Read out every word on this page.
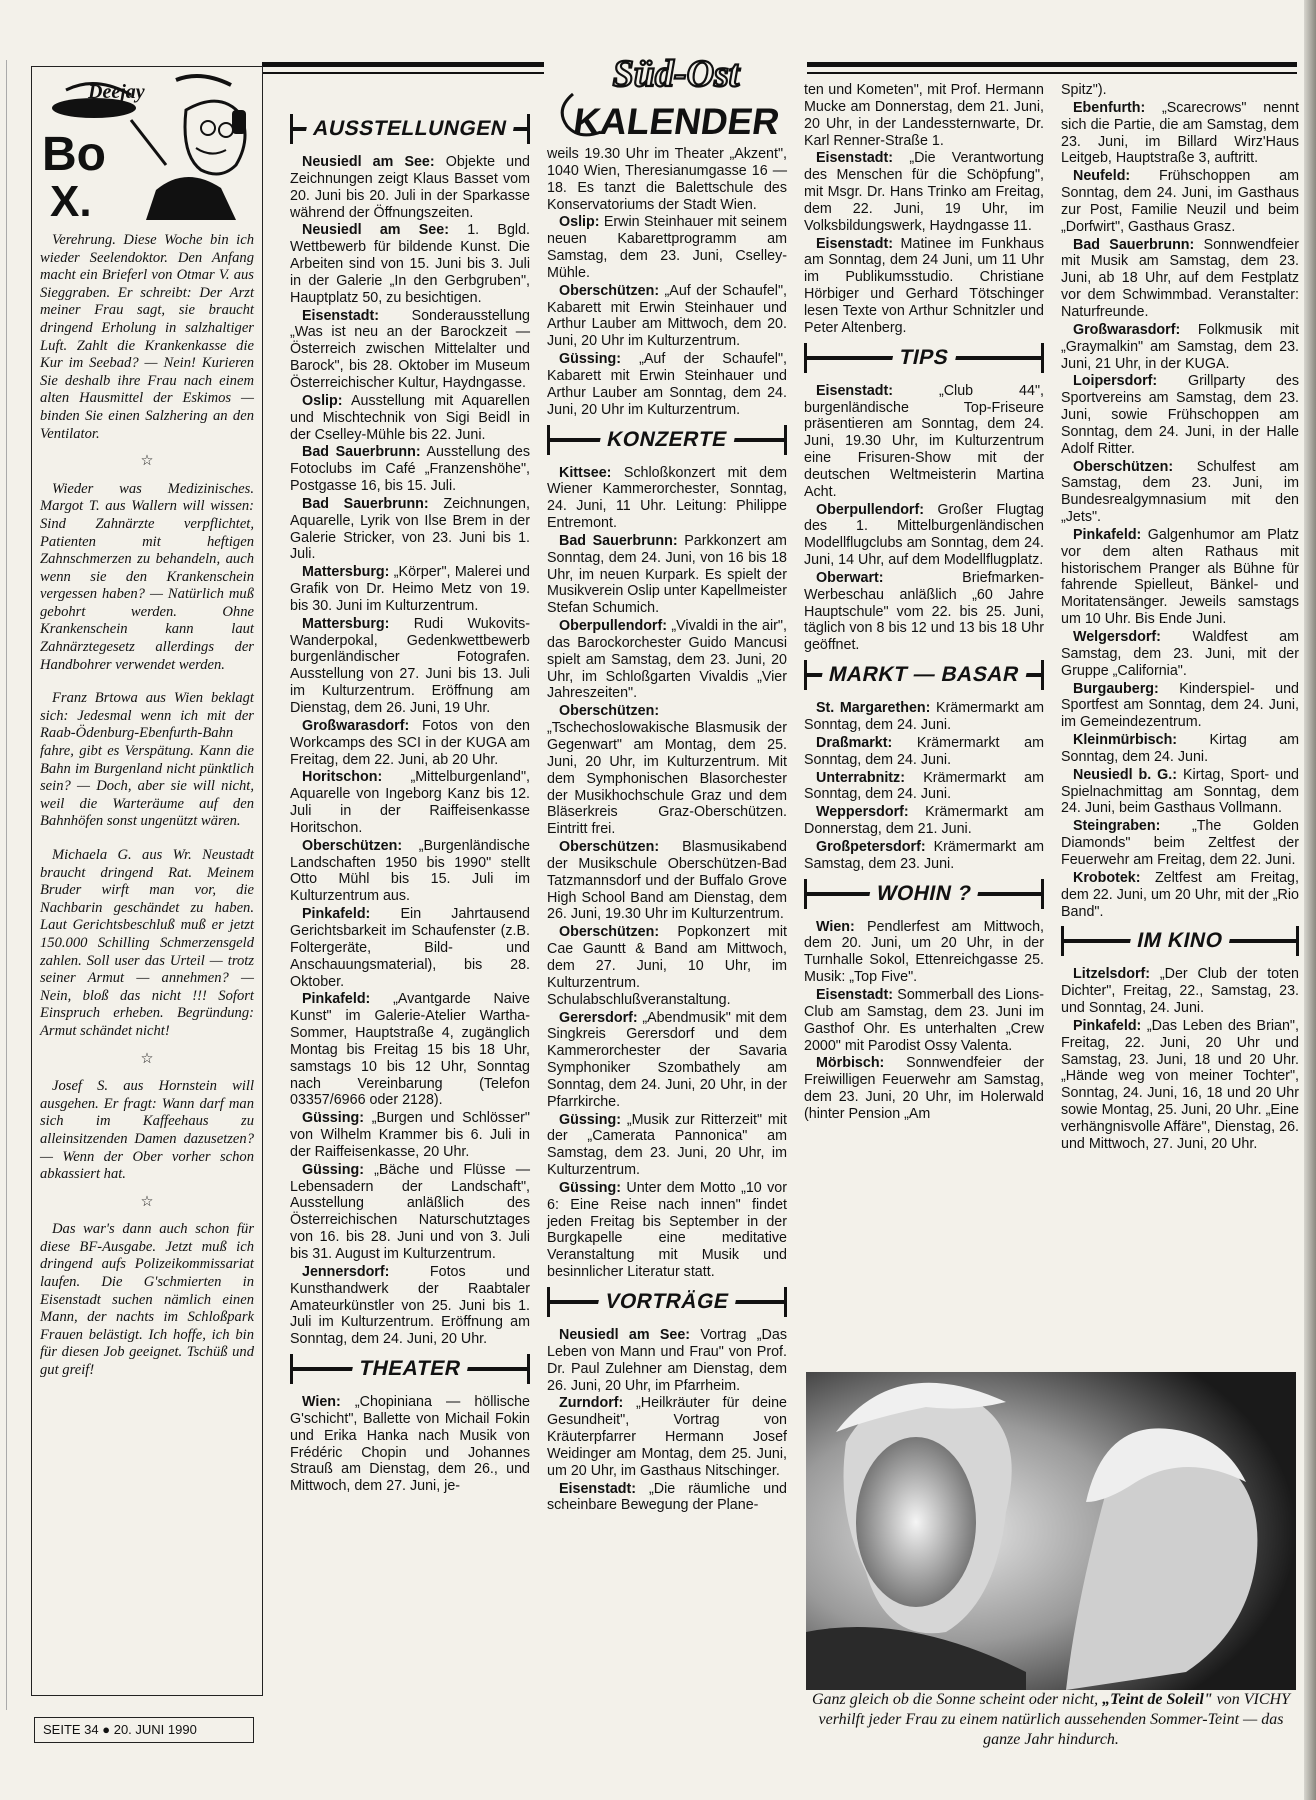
Deejay
Bo
X.

Verehrung. Diese Woche bin ich wieder Seelendoktor. Den Anfang macht ein Brieferl von Otmar V. aus Sieggraben. Er schreibt: Der Arzt meiner Frau sagt, sie braucht dringend Erholung in salzhaltiger Luft. Zahlt die Krankenkasse die Kur im Seebad? — Nein! Kurieren Sie deshalb ihre Frau nach einem alten Hausmittel der Eskimos — binden Sie einen Salzhering an den Ventilator.

☆

Wieder was Medizinisches. Margot T. aus Wallern will wissen: Sind Zahnärzte verpflichtet, Patienten mit heftigen Zahnschmerzen zu behandeln, auch wenn sie den Krankenschein vergessen haben? — Natürlich muß gebohrt werden. Ohne Krankenschein kann laut Zahnärztegesetz allerdings der Handbohrer verwendet werden.

Franz Brtowa aus Wien beklagt sich: Jedesmal wenn ich mit der Raab-Ödenburg-Ebenfurth-Bahn fahre, gibt es Verspätung. Kann die Bahn im Burgenland nicht pünktlich sein? — Doch, aber sie will nicht, weil die Warteräume auf den Bahnhöfen sonst ungenützt wären.

Michaela G. aus Wr. Neustadt braucht dringend Rat. Meinem Bruder wirft man vor, die Nachbarin geschändet zu haben. Laut Gerichtsbeschluß muß er jetzt 150.000 Schilling Schmerzensgeld zahlen. Soll user das Urteil — trotz seiner Armut — annehmen? — Nein, bloß das nicht !!! Sofort Einspruch erheben. Begründung: Armut schändet nicht!

☆

Josef S. aus Hornstein will ausgehen. Er fragt: Wann darf man sich im Kaffeehaus zu alleinsitzenden Damen dazusetzen? — Wenn der Ober vorher schon abkassiert hat.

☆

Das war's dann auch schon für diese BF-Ausgabe. Jetzt muß ich dringend aufs Polizeikommissariat laufen. Die G'schmierten in Eisenstadt suchen nämlich einen Mann, der nachts im Schloßpark Frauen belästigt. Ich hoffe, ich bin für diesen Job geeignet. Tschüß und gut greif!

SEITE 34 ● 20. JUNI 1990
Süd-Ost
KALENDER
AUSSTELLUNGEN

Neusiedl am See: Objekte und Zeichnungen zeigt Klaus Basset vom 20. Juni bis 20. Juli in der Sparkasse während der Öffnungszeiten.

Neusiedl am See: 1. Bgld. Wettbewerb für bildende Kunst. Die Arbeiten sind von 15. Juni bis 3. Juli in der Galerie „In den Gerbgruben", Hauptplatz 50, zu besichtigen.

Eisenstadt: Sonderausstellung „Was ist neu an der Barockzeit — Österreich zwischen Mittelalter und Barock", bis 28. Oktober im Museum Österreichischer Kultur, Haydngasse.

Oslip: Ausstellung mit Aquarellen und Mischtechnik von Sigi Beidl in der Cselley-Mühle bis 22. Juni.

Bad Sauerbrunn: Ausstellung des Fotoclubs im Café „Franzenshöhe", Postgasse 16, bis 15. Juli.

Bad Sauerbrunn: Zeichnungen, Aquarelle, Lyrik von Ilse Brem in der Galerie Stricker, von 23. Juni bis 1. Juli.

Mattersburg: „Körper", Malerei und Grafik von Dr. Heimo Metz von 19. bis 30. Juni im Kulturzentrum.

Mattersburg: Rudi Wukovits-Wanderpokal, Gedenkwettbewerb burgenländischer Fotografen. Ausstellung von 27. Juni bis 13. Juli im Kulturzentrum. Eröffnung am Dienstag, dem 26. Juni, 19 Uhr.

Großwarasdorf: Fotos von den Workcamps des SCI in der KUGA am Freitag, dem 22. Juni, ab 20 Uhr.

Horitschon: „Mittelburgenland", Aquarelle von Ingeborg Kanz bis 12. Juli in der Raiffeisenkasse Horitschon.

Oberschützen: „Burgenländische Landschaften 1950 bis 1990" stellt Otto Mühl bis 15. Juli im Kulturzentrum aus.

Pinkafeld: Ein Jahrtausend Gerichtsbarkeit im Schaufenster (z.B. Foltergeräte, Bild- und Anschauungsmaterial), bis 28. Oktober.

Pinkafeld: „Avantgarde Naive Kunst" im Galerie-Atelier Wartha-Sommer, Hauptstraße 4, zugänglich Montag bis Freitag 15 bis 18 Uhr, samstags 10 bis 12 Uhr, Sonntag nach Vereinbarung (Telefon 03357/6966 oder 2128).

Güssing: „Burgen und Schlösser" von Wilhelm Krammer bis 6. Juli in der Raiffeisenkasse, 20 Uhr.

Güssing: „Bäche und Flüsse — Lebensadern der Landschaft", Ausstellung anläßlich des Österreichischen Naturschutztages von 16. bis 28. Juni und von 3. Juli bis 31. August im Kulturzentrum.

Jennersdorf:	Fotos und Kunsthandwerk der Raabtaler Amateurkünstler von 25. Juni bis 1. Juli im Kulturzentrum. Eröffnung am Sonntag, dem 24. Juni, 20 Uhr.

THEATER

Wien: „Chopiniana — höllische G'schicht", Ballette von Michail Fokin und Erika Hanka nach Musik von Frédéric Chopin und Johannes Strauß am Dienstag, dem 26., und Mittwoch, dem 27. Juni, je-

weils 19.30 Uhr im Theater „Akzent", 1040 Wien, Theresianumgasse 16 — 18. Es tanzt die Balettschule des Konservatoriums der Stadt Wien.

Oslip: Erwin Steinhauer mit seinem neuen Kabarettprogramm am Samstag, dem 23. Juni, Cselley-Mühle.

Oberschützen: „Auf der Schaufel", Kabarett mit Erwin Steinhauer und Arthur Lauber am Mittwoch, dem 20. Juni, 20 Uhr im Kulturzentrum.

Güssing: „Auf der Schaufel", Kabarett mit Erwin Steinhauer und Arthur Lauber am Sonntag, dem 24. Juni, 20 Uhr im Kulturzentrum.

KONZERTE

Kittsee: Schloßkonzert mit dem Wiener Kammerorchester, Sonntag, 24. Juni, 11 Uhr. Leitung: Philippe Entremont.

Bad Sauerbrunn: Parkkonzert am Sonntag, dem 24. Juni, von 16 bis 18 Uhr, im neuen Kurpark. Es spielt der Musikverein Oslip unter Kapellmeister Stefan Schumich.

Oberpullendorf: „Vivaldi in the air", das Barockorchester Guido Mancusi spielt am Samstag, dem 23. Juni, 20 Uhr, im Schloßgarten Vivaldis „Vier Jahreszeiten".

Oberschützen: „Tschechoslowakische Blasmusik der Gegenwart" am Montag, dem 25. Juni, 20 Uhr, im Kulturzentrum. Mit dem Symphonischen Blasorchester der Musikhochschule Graz und dem Bläserkreis Graz-Oberschützen. Eintritt frei.

Oberschützen: Blasmusikabend der Musikschule Oberschützen-Bad Tatzmannsdorf und der Buffalo Grove High School Band am Dienstag, dem 26. Juni, 19.30 Uhr im Kulturzentrum.

Oberschützen: Popkonzert mit Cae Gauntt & Band am Mittwoch, dem 27. Juni, 10 Uhr, im Kulturzentrum. Schulabschlußveranstaltung.

Gerersdorf: „Abendmusik" mit dem Singkreis Gerersdorf und dem Kammerorchester der Savaria Symphoniker Szombathely am Sonntag, dem 24. Juni, 20 Uhr, in der Pfarrkirche.

Güssing: „Musik zur Ritterzeit" mit der „Camerata Pannonica" am Samstag, dem 23. Juni, 20 Uhr, im Kulturzentrum.

Güssing: Unter dem Motto „10 vor 6: Eine Reise nach innen" findet jeden Freitag bis September in der Burgkapelle eine meditative Veranstaltung mit Musik und besinnlicher Literatur statt.

VORTRÄGE

Neusiedl am See: Vortrag „Das Leben von Mann und Frau" von Prof. Dr. Paul Zulehner am Dienstag, dem 26. Juni, 20 Uhr, im Pfarrheim.

Zurndorf: „Heilkräuter für deine Gesundheit", Vortrag von Kräuterpfarrer Hermann Josef Weidinger am Montag, dem 25. Juni, um 20 Uhr, im Gasthaus Nitschinger.

Eisenstadt: „Die räumliche und scheinbare Bewegung der Plane-

ten und Kometen", mit Prof. Hermann Mucke am Donnerstag, dem 21. Juni, 20 Uhr, in der Landessternwarte, Dr. Karl Renner-Straße 1.

Eisenstadt: „Die Verantwortung des Menschen für die Schöpfung", mit Msgr. Dr. Hans Trinko am Freitag, dem 22. Juni, 19 Uhr, im Volksbildungswerk, Haydngasse 11.

Eisenstadt: Matinee im Funkhaus am Sonntag, dem 24 Juni, um 11 Uhr im Publikumsstudio. Christiane Hörbiger und Gerhard Tötschinger lesen Texte von Arthur Schnitzler und Peter Altenberg.

TIPS

Eisenstadt:	„Club 44", burgenländische Top-Friseure präsentieren am Sonntag, dem 24. Juni, 19.30 Uhr, im Kulturzentrum eine Frisuren-Show mit der deutschen Weltmeisterin Martina Acht.

Oberpullendorf: Großer Flugtag des 1. Mittelburgenländischen Modellflugclubs am Sonntag, dem 24. Juni, 14 Uhr, auf dem Modellflugplatz.

Oberwart:	Briefmarken-Werbeschau anläßlich „60 Jahre Hauptschule" vom 22. bis 25. Juni, täglich von 8 bis 12 und 13 bis 18 Uhr geöffnet.

MARKT — BASAR

St. Margarethen: Krämermarkt am Sonntag, dem 24. Juni.

Draßmarkt: Krämermarkt am Sonntag, dem 24. Juni.

Unterrabnitz: Krämermarkt am Sonntag, dem 24. Juni.

Weppersdorf: Krämermarkt am Donnerstag, dem 21. Juni.

Großpetersdorf: Krämermarkt am Samstag, dem 23. Juni.

WOHIN ?

Wien: Pendlerfest am Mittwoch, dem 20. Juni, um 20 Uhr, in der Turnhalle Sokol, Ettenreichgasse 25. Musik: „Top Five".

Eisenstadt: Sommerball des Lions-Club am Samstag, dem 23. Juni im Gasthof Ohr. Es unterhalten „Crew 2000" mit Parodist Ossy Valenta.

Mörbisch: Sonnwendfeier der Freiwilligen Feuerwehr am Samstag, dem 23. Juni, 20 Uhr, im Holerwald (hinter Pension „Am

Spitz").

Ebenfurth: „Scarecrows" nennt sich die Partie, die am Samstag, dem 23. Juni, im Billard Wirz'Haus Leitgeb, Hauptstraße 3, auftritt.

Neufeld: Frühschoppen am Sonntag, dem 24. Juni, im Gasthaus zur Post, Familie Neuzil und beim „Dorfwirt", Gasthaus Grasz.

Bad Sauerbrunn: Sonnwendfeier mit Musik am Samstag, dem 23. Juni, ab 18 Uhr, auf dem Festplatz vor dem Schwimmbad. Veranstalter: Naturfreunde.

Großwarasdorf: Folkmusik mit „Graymalkin" am Samstag, dem 23. Juni, 21 Uhr, in der KUGA.

Loipersdorf: Grillparty des Sportvereins am Samstag, dem 23. Juni, sowie Frühschoppen am Sonntag, dem 24. Juni, in der Halle Adolf Ritter.

Oberschützen: Schulfest am Samstag, dem 23. Juni, im Bundesrealgymnasium mit den „Jets".

Pinkafeld: Galgenhumor am Platz vor dem alten Rathaus mit historischem Pranger als Bühne für fahrende Spielleut, Bänkel- und Moritatensänger. Jeweils samstags um 10 Uhr. Bis Ende Juni.

Welgersdorf: Waldfest am Samstag, dem 23. Juni, mit der Gruppe „California".

Burgauberg: Kinderspiel- und Sportfest am Sonntag, dem 24. Juni, im Gemeindezentrum.

Kleinmürbisch: Kirtag am Sonntag, dem 24. Juni.

Neusiedl b. G.: Kirtag, Sport- und Spielnachmittag am Sonntag, dem 24. Juni, beim Gasthaus Vollmann.

Steingraben: „The Golden Diamonds" beim Zeltfest der Feuerwehr am Freitag, dem 22. Juni.

Krobotek: Zeltfest am Freitag, dem 22. Juni, um 20 Uhr, mit der „Rio Band".

IM KINO

Litzelsdorf: „Der Club der toten Dichter", Freitag, 22., Samstag, 23. und Sonntag, 24. Juni.

Pinkafeld: „Das Leben des Brian", Freitag, 22. Juni, 20 Uhr und Samstag, 23. Juni, 18 und 20 Uhr. „Hände weg von meiner Tochter", Sonntag, 24. Juni, 16, 18 und 20 Uhr sowie Montag, 25. Juni, 20 Uhr. „Eine verhängnisvolle Affäre", Dienstag, 26. und Mittwoch, 27. Juni, 20 Uhr.

Ganz gleich ob die Sonne scheint oder nicht, „Teint de Soleil" von VICHY verhilft jeder Frau zu einem natürlich aussehenden Sommer-Teint — das ganze Jahr hindurch.
